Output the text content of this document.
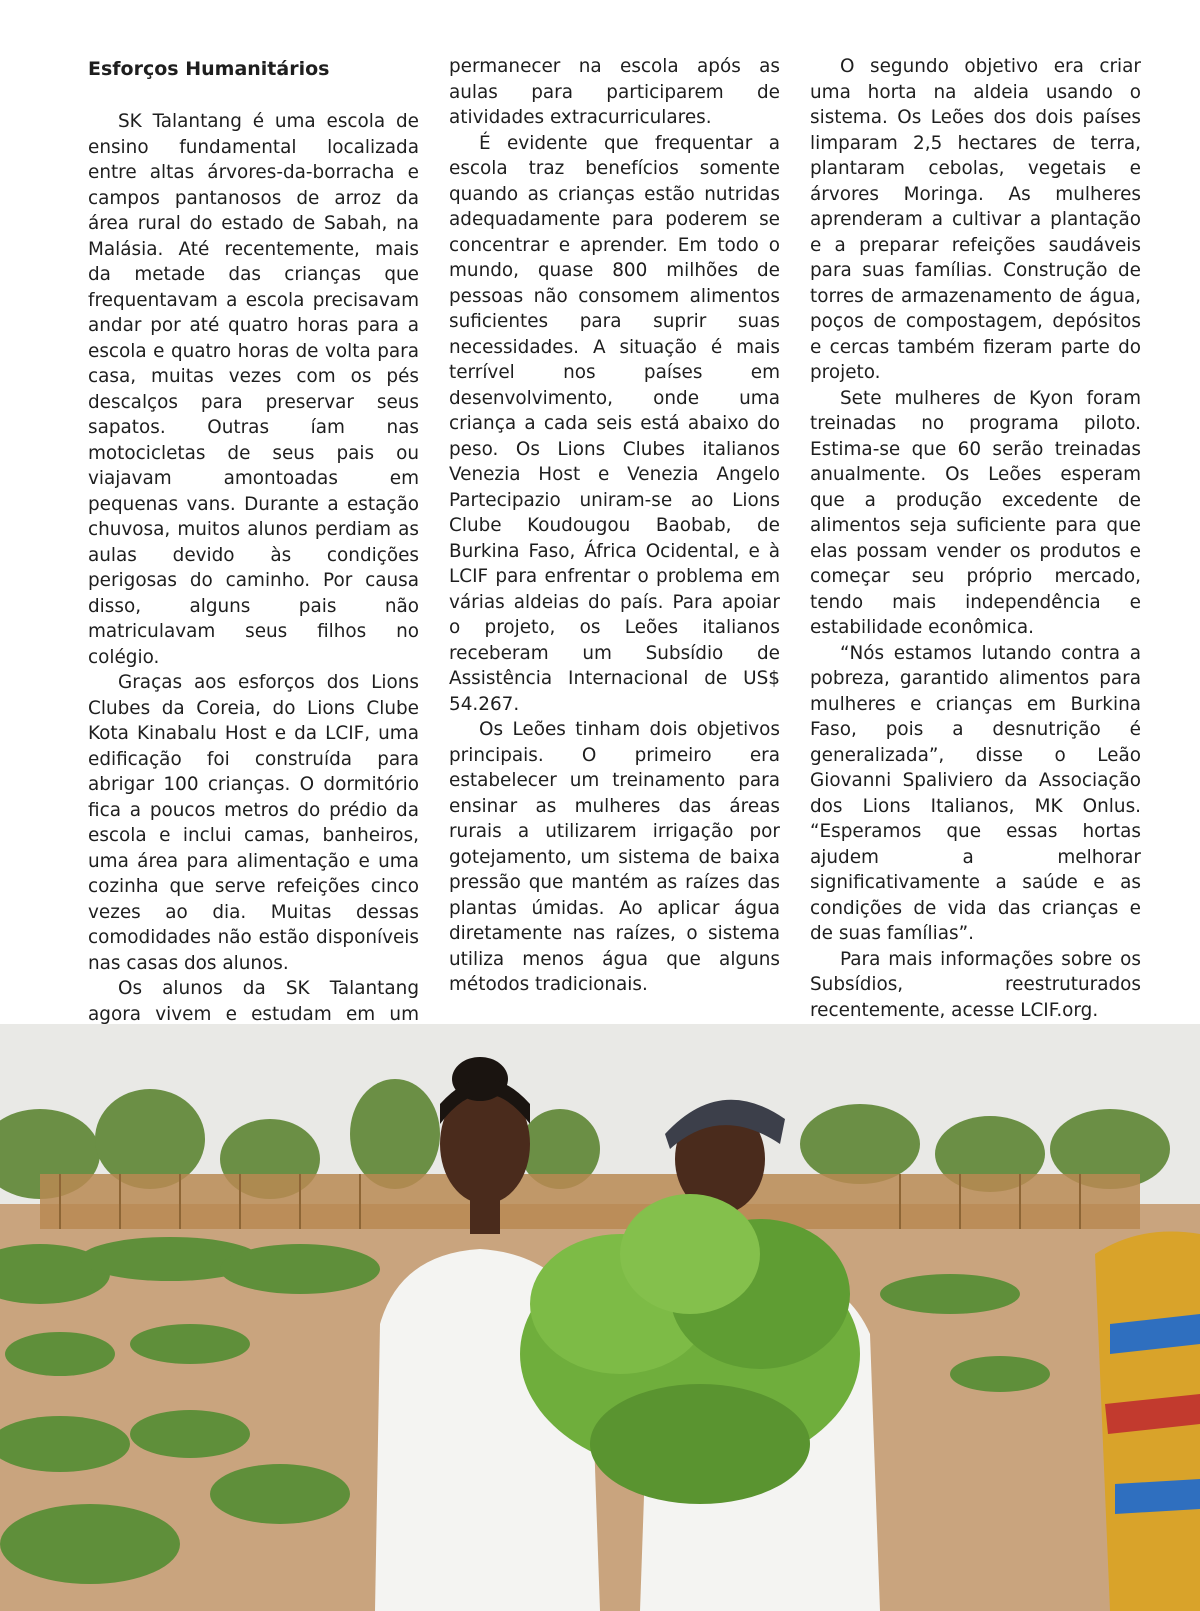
Esforços Humanitários

SK Talantang é uma escola de ensino fundamental localizada entre altas árvores-da-borracha e campos pantanosos de arroz da área rural do estado de Sabah, na Malásia. Até recentemente, mais da metade das crianças que frequentavam a escola precisavam andar por até quatro horas para a escola e quatro horas de volta para casa, muitas vezes com os pés descalços para preservar seus sapatos. Outras íam nas motocicletas de seus pais ou viajavam amontoadas em pequenas vans. Durante a estação chuvosa, muitos alunos perdiam as aulas devido às condições perigosas do caminho. Por causa disso, alguns pais não matriculavam seus filhos no colégio.

Graças aos esforços dos Lions Clubes da Coreia, do Lions Clube Kota Kinabalu Host e da LCIF, uma edificação foi construída para abrigar 100 crianças. O dormitório fica a poucos metros do prédio da escola e inclui camas, banheiros, uma área para alimentação e uma cozinha que serve refeições cinco vezes ao dia. Muitas dessas comodidades não estão disponíveis nas casas dos alunos.

Os alunos da SK Talantang agora vivem e estudam em um

permanecer na escola após as aulas para participarem de atividades extracurriculares.

É evidente que frequentar a escola traz benefícios somente quando as crianças estão nutridas adequadamente para poderem se concentrar e aprender. Em todo o mundo, quase 800 milhões de pessoas não consomem alimentos suficientes para suprir suas necessidades. A situação é mais terrível nos países em desenvolvimento, onde uma criança a cada seis está abaixo do peso. Os Lions Clubes italianos Venezia Host e Venezia Angelo Partecipazio uniram-se ao Lions Clube Koudougou Baobab, de Burkina Faso, África Ocidental, e à LCIF para enfrentar o problema em várias aldeias do país. Para apoiar o projeto, os Leões italianos receberam um Subsídio de Assistência Internacional de US$ 54.267.

Os Leões tinham dois objetivos principais. O primeiro era estabelecer um treinamento para ensinar as mulheres das áreas rurais a utilizarem irrigação por gotejamento, um sistema de baixa pressão que mantém as raízes das plantas úmidas. Ao aplicar água diretamente nas raízes, o sistema utiliza menos água que alguns métodos tradicionais.

O segundo objetivo era criar uma horta na aldeia usando o sistema. Os Leões dos dois países limparam 2,5 hectares de terra, plantaram cebolas, vegetais e árvores Moringa. As mulheres aprenderam a cultivar a plantação e a preparar refeições saudáveis para suas famílias. Construção de torres de armazenamento de água, poços de compostagem, depósitos e cercas também fizeram parte do projeto.

Sete mulheres de Kyon foram treinadas no programa piloto. Estima-se que 60 serão treinadas anualmente. Os Leões esperam que a produção excedente de alimentos seja suficiente para que elas possam vender os produtos e começar seu próprio mercado, tendo mais independência e estabilidade econômica.

“Nós estamos lutando contra a pobreza, garantido alimentos para mulheres e crianças em Burkina Faso, pois a desnutrição é generalizada”, disse o Leão Giovanni Spaliviero da Associação dos Lions Italianos, MK Onlus. “Esperamos que essas hortas ajudem a melhorar significativamente a saúde e as condições de vida das crianças e de suas famílias”.

Para mais informações sobre os Subsídios, reestruturados recentemente, acesse LCIF.org.
